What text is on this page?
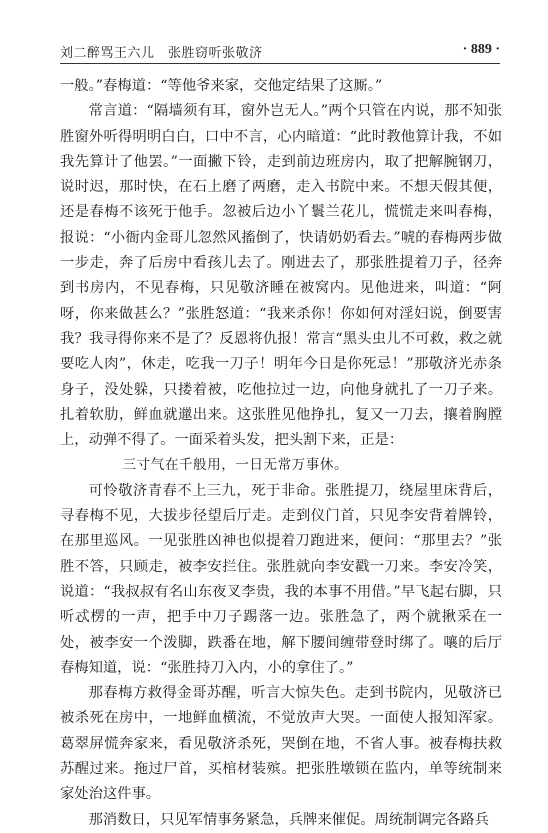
刘二醉骂王六儿　张胜窃听张敬济	· 889 ·

一般。”春梅道：“等他爷来家，交他定结果了这厮。”

常言道：“隔墙须有耳，窗外岂无人。”两个只管在内说，那不知张胜窗外听得明明白白，口中不言，心内暗道：“此时教他算计我，不如我先算计了他罢。”一面撇下铃，走到前边班房内，取了把解腕钢刀，说时迟，那时快，在石上磨了两磨，走入书院中来。不想天假其便，还是春梅不该死于他手。忽被后边小丫鬟兰花儿，慌慌走来叫春梅，报说：“小衙内金哥儿忽然风搐倒了，快请奶奶看去。”唬的春梅两步做一步走，奔了后房中看孩儿去了。刚进去了，那张胜提着刀子，径奔到书房内，不见春梅，只见敬济睡在被窝内。见他进来，叫道：“阿呀，你来做甚么？”张胜怒道：“我来杀你！你如何对淫妇说，倒要害我？我寻得你来不是了？反恩将仇报！常言“黑头虫儿不可救，救之就要吃人肉”，休走，吃我一刀子！明年今日是你死忌！”那敬济光赤条身子，没处躲，只搂着被，吃他拉过一边，向他身就扎了一刀子来。扎着软肋，鲜血就邋出来。这张胜见他挣扎，复又一刀去，攘着胸膛上，动弹不得了。一面采着头发，把头割下来，正是：

三寸气在千般用，一日无常万事休。

可怜敬济青春不上三九，死于非命。张胜提刀，绕屋里床背后，寻春梅不见，大拔步径望后厅走。走到仪门首，只见李安背着牌铃，在那里巡风。一见张胜凶神也似提着刀跑进来，便问：“那里去？”张胜不答，只顾走，被李安拦住。张胜就向李安戳一刀来。李安冷笑，说道：“我叔叔有名山东夜叉李贵，我的本事不用借。”早飞起右脚，只听忒楞的一声，把手中刀子踢落一边。张胜急了，两个就揪采在一处，被李安一个泼脚，跌番在地，解下腰间缠带登时绑了。嚷的后厅春梅知道，说：“张胜持刀入内，小的拿住了。”

那春梅方救得金哥苏醒，听言大惊失色。走到书院内，见敬济已被杀死在房中，一地鲜血横流，不觉放声大哭。一面使人报知浑家。葛翠屏慌奔家来，看见敬济杀死，哭倒在地，不省人事。被春梅扶救苏醒过来。拖过尸首，买棺材装殡。把张胜墩锁在监内，单等统制来家处治这件事。

那消数日，只见军情事务紧急，兵牌来催促。周统制调完各路兵
